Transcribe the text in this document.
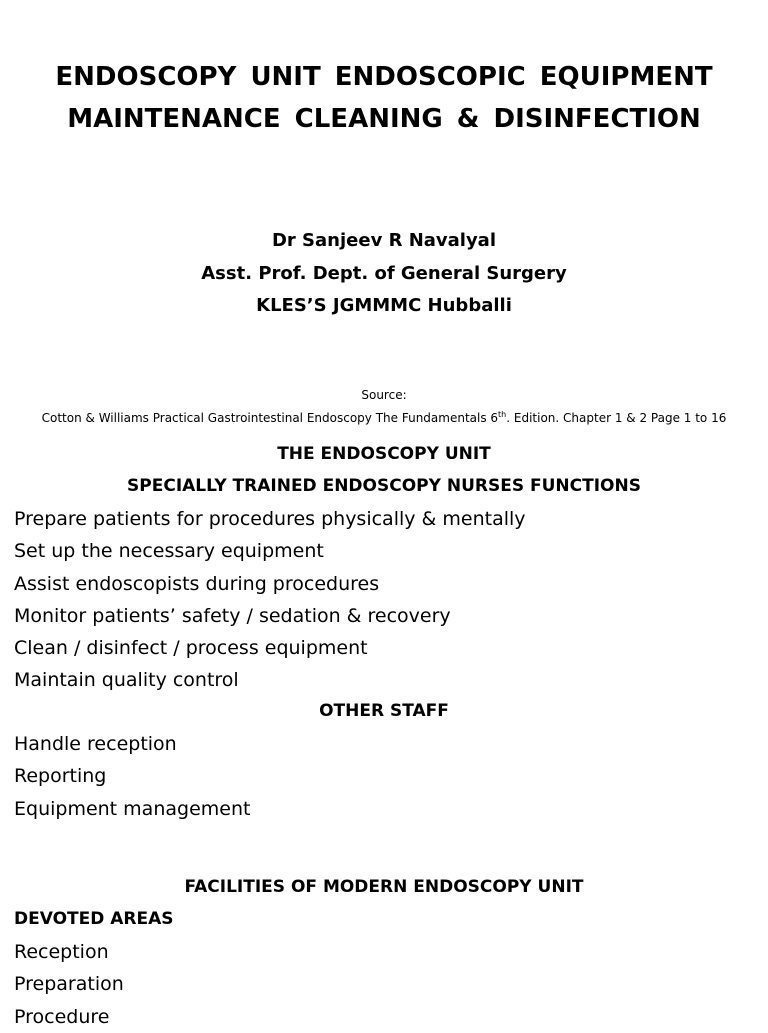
ENDOSCOPY UNIT ENDOSCOPIC EQUIPMENT
MAINTENANCE CLEANING & DISINFECTION
Dr Sanjeev R Navalyal
Asst. Prof. Dept. of General Surgery
KLES’S JGMMMC Hubballi
Source:
Cotton & Williams Practical Gastrointestinal Endoscopy The Fundamentals 6th. Edition. Chapter 1 & 2 Page 1 to 16
THE ENDOSCOPY UNIT
SPECIALLY TRAINED ENDOSCOPY NURSES FUNCTIONS
Prepare patients for procedures physically & mentally
Set up the necessary equipment
Assist endoscopists during procedures
Monitor patients’ safety / sedation & recovery
Clean / disinfect / process equipment
Maintain quality control
OTHER STAFF
Handle reception
Reporting
Equipment management
FACILITIES OF MODERN ENDOSCOPY UNIT
DEVOTED AREAS
Reception
Preparation
Procedure
